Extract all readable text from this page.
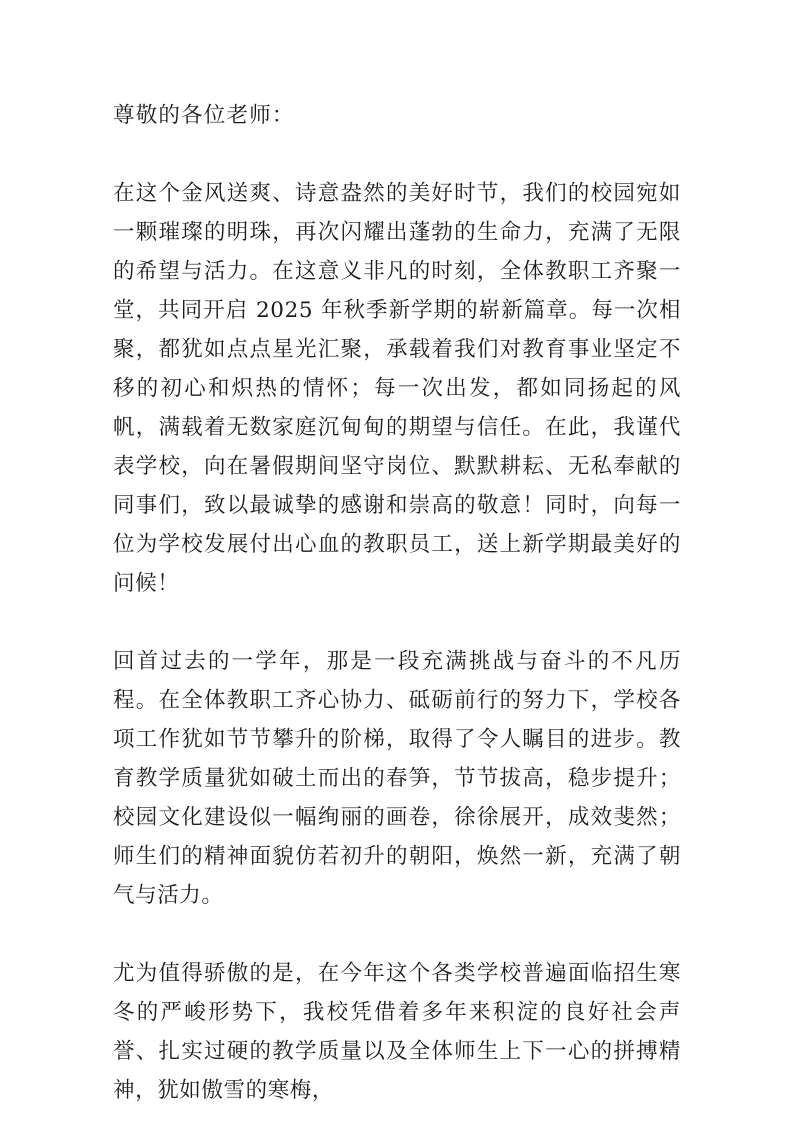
尊敬的各位老师：

在这个金风送爽、诗意盎然的美好时节，我们的校园宛如一颗璀璨的明珠，再次闪耀出蓬勃的生命力，充满了无限的希望与活力。在这意义非凡的时刻，全体教职工齐聚一堂，共同开启 2025 年秋季新学期的崭新篇章。每一次相聚，都犹如点点星光汇聚，承载着我们对教育事业坚定不移的初心和炽热的情怀；每一次出发，都如同扬起的风帆，满载着无数家庭沉甸甸的期望与信任。在此，我谨代表学校，向在暑假期间坚守岗位、默默耕耘、无私奉献的同事们，致以最诚挚的感谢和崇高的敬意！同时，向每一位为学校发展付出心血的教职员工，送上新学期最美好的问候！

回首过去的一学年，那是一段充满挑战与奋斗的不凡历程。在全体教职工齐心协力、砥砺前行的努力下，学校各项工作犹如节节攀升的阶梯，取得了令人瞩目的进步。教育教学质量犹如破土而出的春笋，节节拔高，稳步提升；校园文化建设似一幅绚丽的画卷，徐徐展开，成效斐然；师生们的精神面貌仿若初升的朝阳，焕然一新，充满了朝气与活力。

尤为值得骄傲的是，在今年这个各类学校普遍面临招生寒冬的严峻形势下，我校凭借着多年来积淀的良好社会声誉、扎实过硬的教学质量以及全体师生上下一心的拼搏精神，犹如傲雪的寒梅，
